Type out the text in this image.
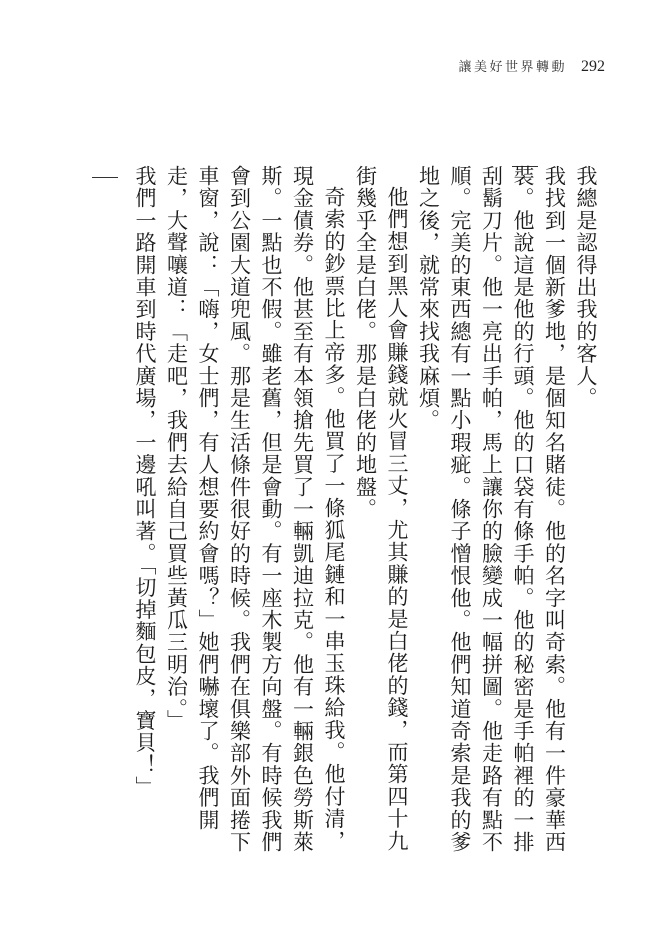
讓美好世界轉動 292

我總是認得出我的客人。

我找到一個新爹地，是個知名賭徒。他的名字叫奇索。他有一件豪華西裝。他說這是他的行頭。他的口袋有條手帕。他的秘密是手帕裡的一排刮鬍刀片。他一亮出手帕，馬上讓你的臉變成一幅拼圖。他走路有點不順。完美的東西總有一點小瑕疵。條子憎恨他。他們知道奇索是我的爹地之後，就常來找我麻煩。

他們想到黑人會賺錢就火冒三丈，尤其賺的是白佬的錢，而第四十九街幾乎全是白佬。那是白佬的地盤。

奇索的鈔票比上帝多。他買了一條狐尾鏈和一串玉珠給我。他付清，現金債券。他甚至有本領搶先買了一輛凱迪拉克。他有一輛銀色勞斯萊斯。一點也不假。雖老舊，但是會動。有一座木製方向盤。有時候我們會到公園大道兜風。那是生活條件很好的時候。我們在俱樂部外面捲下車窗，說：「嗨，女士們，有人想要約會嗎？」她們嚇壞了。我們開走，大聲嚷道：「走吧，我們去給自己買些黃瓜三明治。」

我們一路開車到時代廣場，一邊吼叫著。「切掉麵包皮，寶貝！」
